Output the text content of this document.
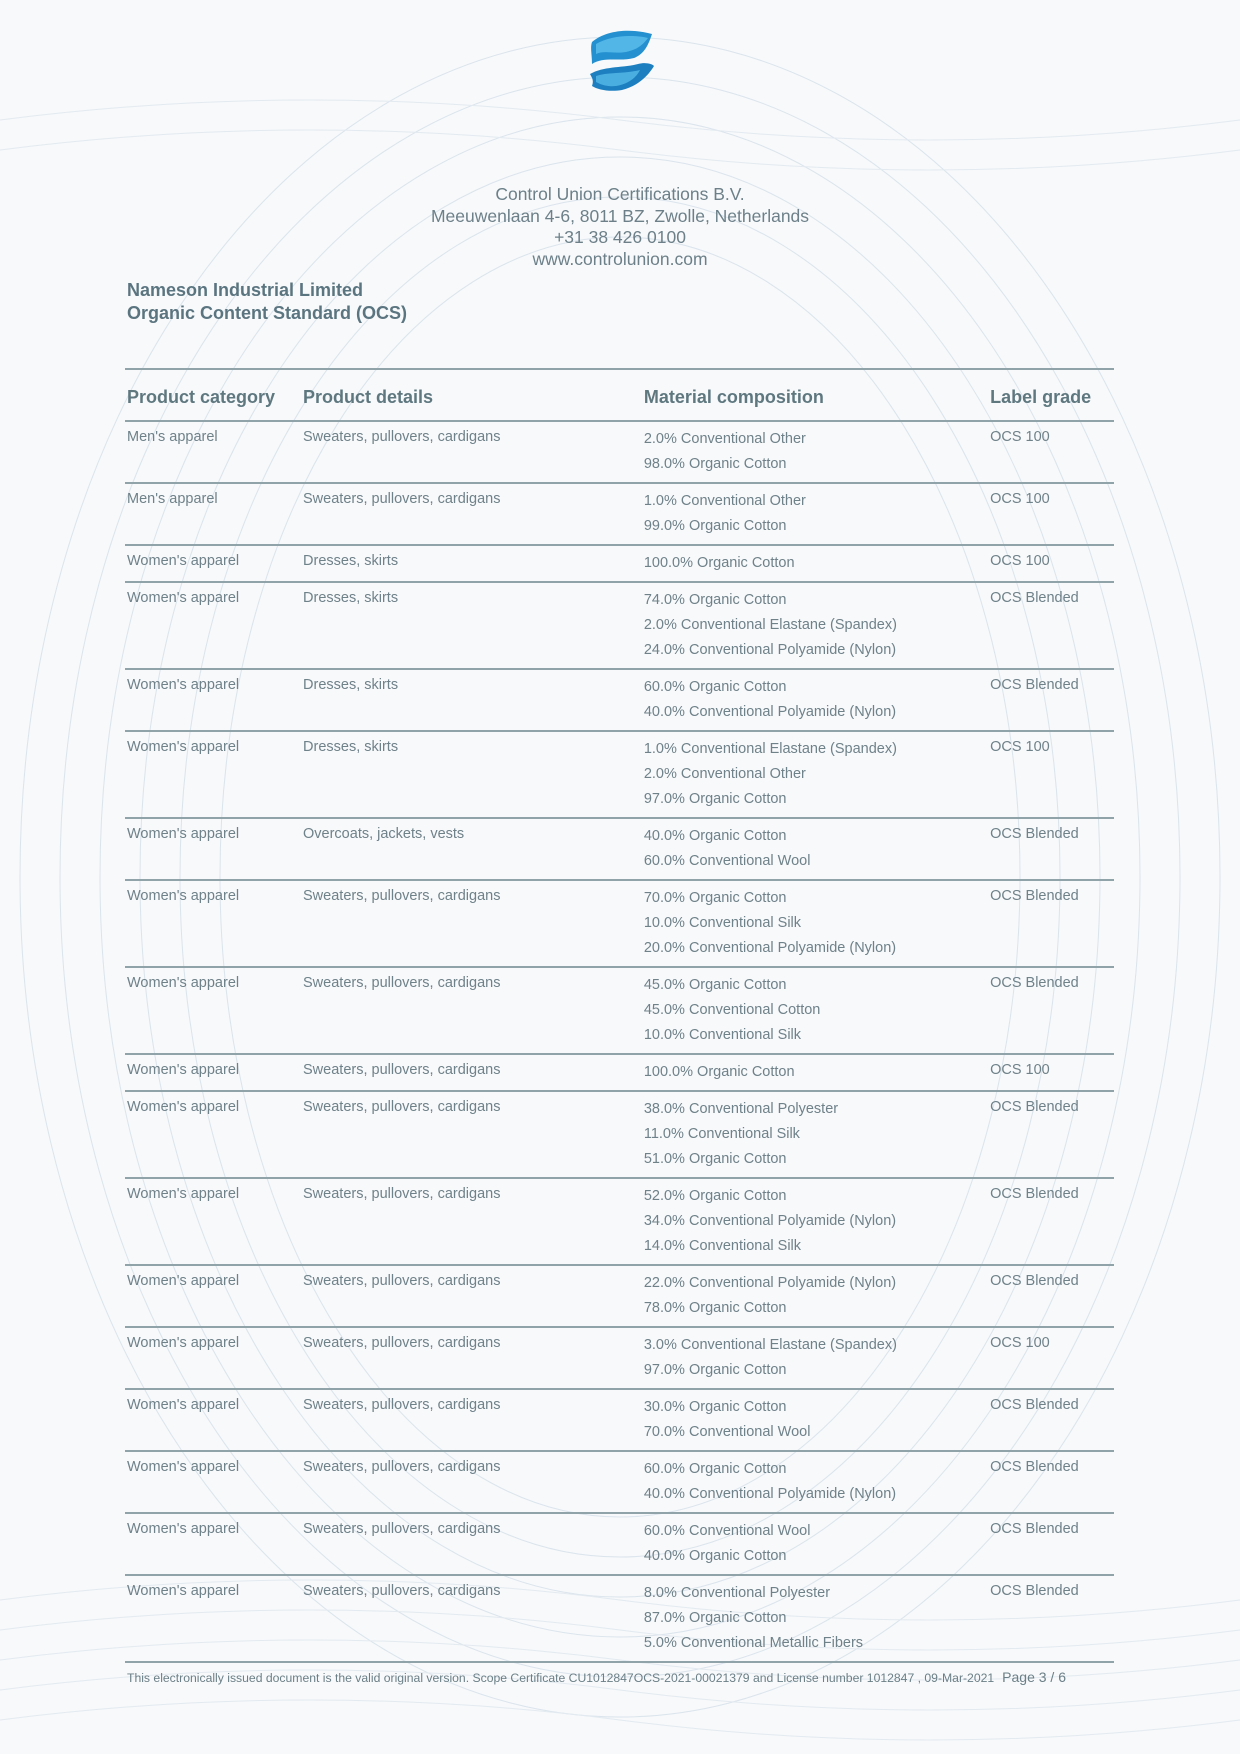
Control Union Certifications B.V.
Meeuwenlaan 4-6, 8011 BZ, Zwolle, Netherlands
+31 38 426 0100
www.controlunion.com
Nameson Industrial Limited
Organic Content Standard (OCS)
Product category	Product details	Material composition	Label grade
Men's apparel	Sweaters, pullovers, cardigans	2.0% Conventional Other
98.0% Organic Cotton	OCS 100
Men's apparel	Sweaters, pullovers, cardigans	1.0% Conventional Other
99.0% Organic Cotton	OCS 100
Women's apparel	Dresses, skirts	100.0% Organic Cotton	OCS 100
Women's apparel	Dresses, skirts	74.0% Organic Cotton
2.0% Conventional Elastane (Spandex)
24.0% Conventional Polyamide (Nylon)	OCS Blended
Women's apparel	Dresses, skirts	60.0% Organic Cotton
40.0% Conventional Polyamide (Nylon)	OCS Blended
Women's apparel	Dresses, skirts	1.0% Conventional Elastane (Spandex)
2.0% Conventional Other
97.0% Organic Cotton	OCS 100
Women's apparel	Overcoats, jackets, vests	40.0% Organic Cotton
60.0% Conventional Wool	OCS Blended
Women's apparel	Sweaters, pullovers, cardigans	70.0% Organic Cotton
10.0% Conventional Silk
20.0% Conventional Polyamide (Nylon)	OCS Blended
Women's apparel	Sweaters, pullovers, cardigans	45.0% Organic Cotton
45.0% Conventional Cotton
10.0% Conventional Silk	OCS Blended
Women's apparel	Sweaters, pullovers, cardigans	100.0% Organic Cotton	OCS 100
Women's apparel	Sweaters, pullovers, cardigans	38.0% Conventional Polyester
11.0% Conventional Silk
51.0% Organic Cotton	OCS Blended
Women's apparel	Sweaters, pullovers, cardigans	52.0% Organic Cotton
34.0% Conventional Polyamide (Nylon)
14.0% Conventional Silk	OCS Blended
Women's apparel	Sweaters, pullovers, cardigans	22.0% Conventional Polyamide (Nylon)
78.0% Organic Cotton	OCS Blended
Women's apparel	Sweaters, pullovers, cardigans	3.0% Conventional Elastane (Spandex)
97.0% Organic Cotton	OCS 100
Women's apparel	Sweaters, pullovers, cardigans	30.0% Organic Cotton
70.0% Conventional Wool	OCS Blended
Women's apparel	Sweaters, pullovers, cardigans	60.0% Organic Cotton
40.0% Conventional Polyamide (Nylon)	OCS Blended
Women's apparel	Sweaters, pullovers, cardigans	60.0% Conventional Wool
40.0% Organic Cotton	OCS Blended
Women's apparel	Sweaters, pullovers, cardigans	8.0% Conventional Polyester
87.0% Organic Cotton
5.0% Conventional Metallic Fibers	OCS Blended
This electronically issued document is the valid original version. Scope Certificate CU1012847OCS-2021-00021379 and License number 1012847 , 09-Mar-2021 Page 3 / 6
